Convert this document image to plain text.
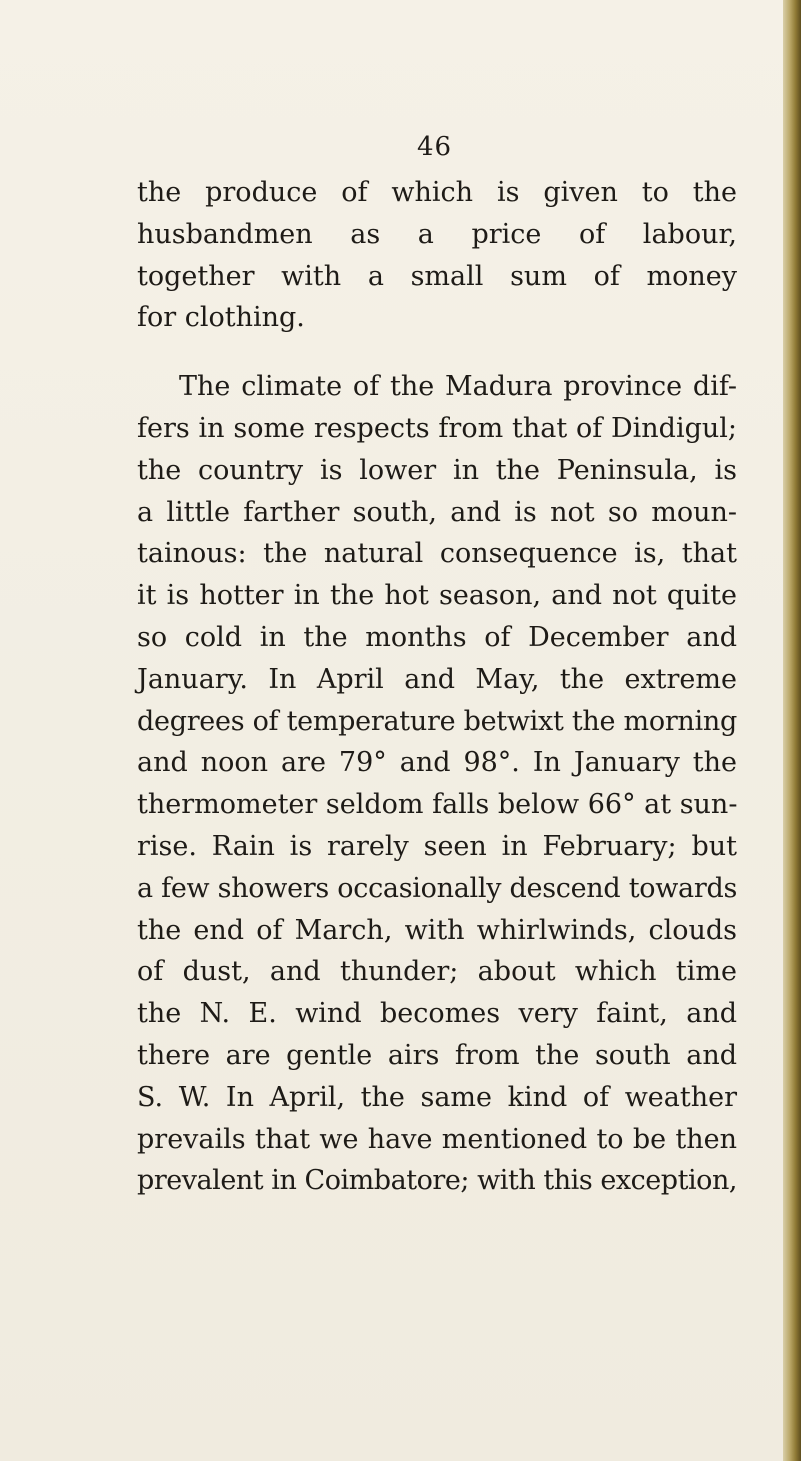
46

the produce of which is given to the
husbandmen as a price of labour,
together with a small sum of money
for clothing.

The climate of the Madura province dif-
fers in some respects from that of Dindigul;
the country is lower in the Peninsula, is
a little farther south, and is not so moun-
tainous: the natural consequence is, that
it is hotter in the hot season, and not quite
so cold in the months of December and
January. In April and May, the extreme
degrees of temperature betwixt the morning
and noon are 79° and 98°. In January the
thermometer seldom falls below 66° at sun-
rise. Rain is rarely seen in February; but
a few showers occasionally descend towards
the end of March, with whirlwinds, clouds
of dust, and thunder; about which time
the N. E. wind becomes very faint, and
there are gentle airs from the south and
S. W. In April, the same kind of weather
prevails that we have mentioned to be then
prevalent in Coimbatore; with this exception,
